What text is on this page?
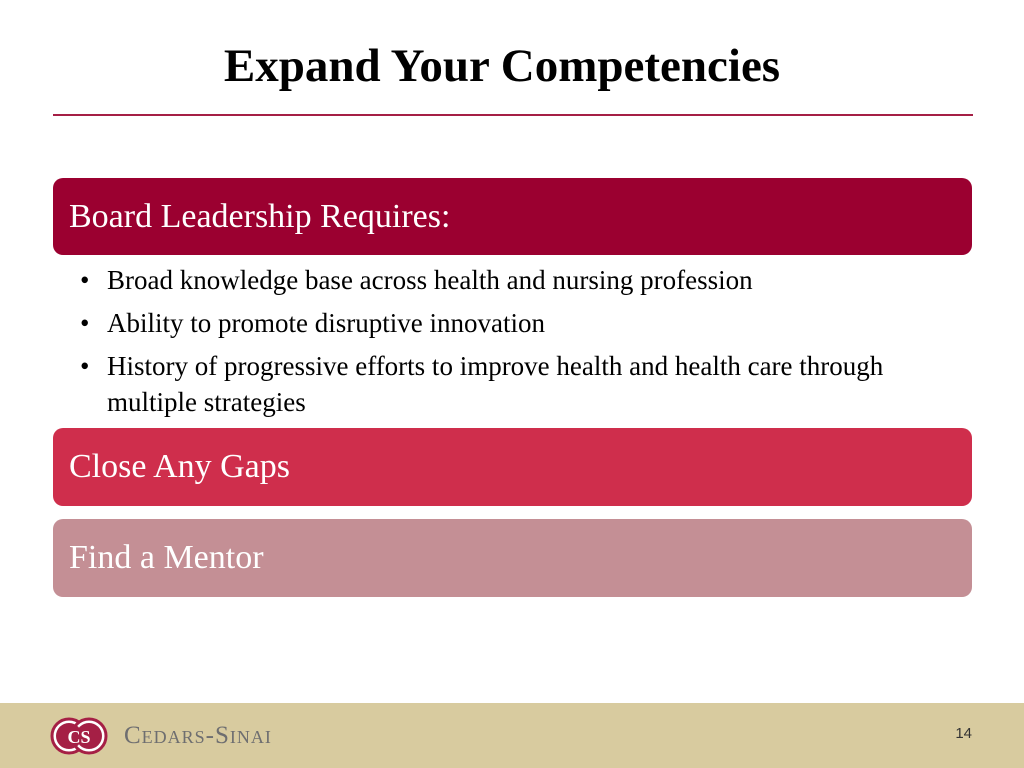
Expand Your Competencies
Board Leadership Requires:
• Broad knowledge base across health and nursing profession
• Ability to promote disruptive innovation
• History of progressive efforts to improve health and health care through multiple strategies
Close Any Gaps
Find a Mentor
CS Cedars-Sinai	14
